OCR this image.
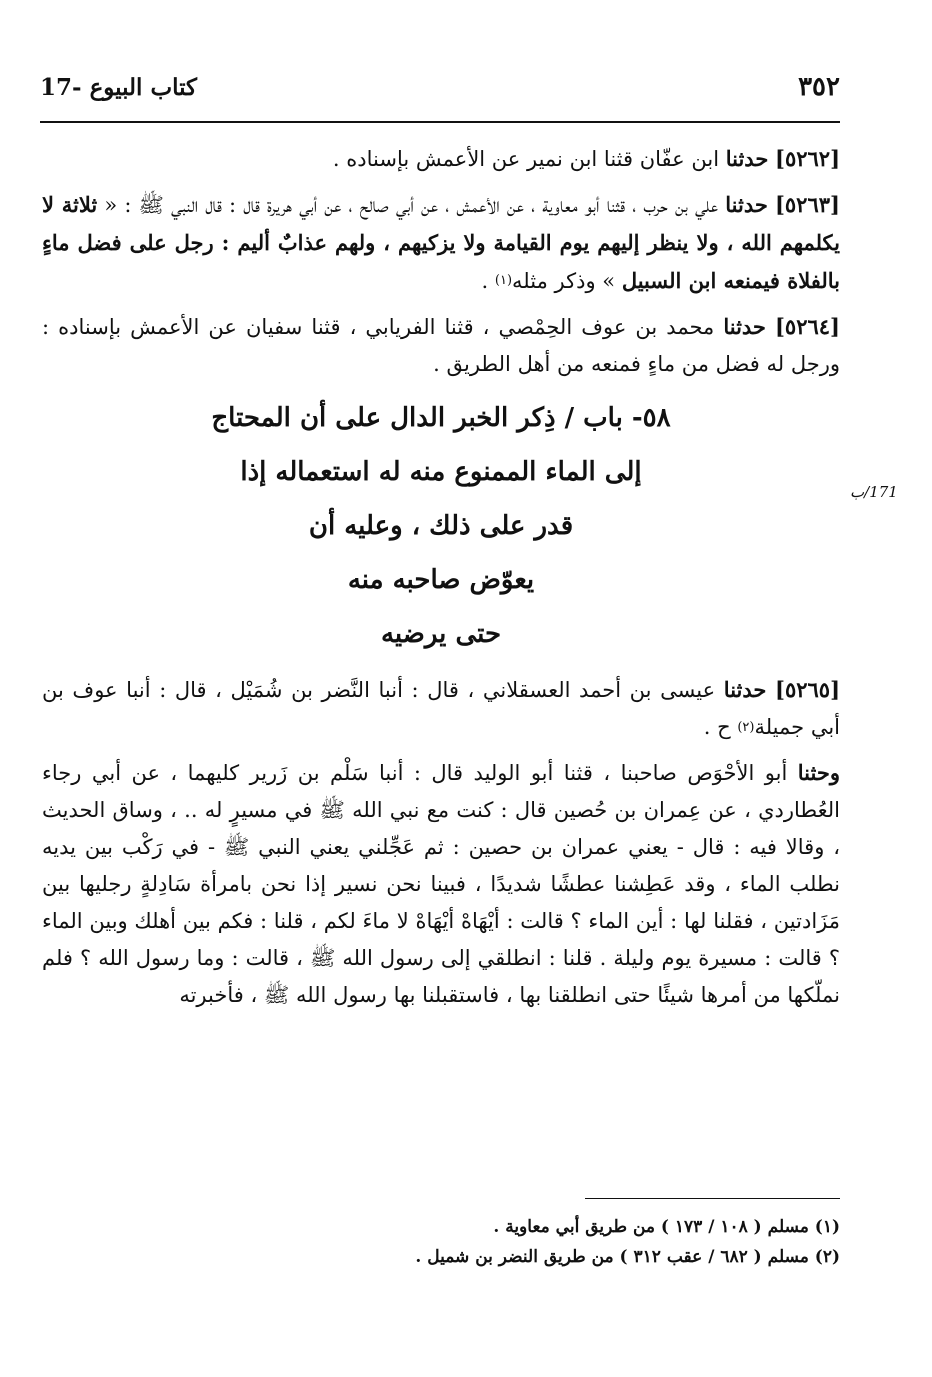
٣٥٢
17- كتاب البيوع
171/ب

[٥٢٦٢] حدثنا ابن عفّان قثنا ابن نمير عن الأعمش بإسناده .

[٥٢٦٣] حدثنا علي بن حرب ، قثنا أبو معاوية ، عن الأعمش ، عن أبي صالح ، عن أبي هريرة قال : قال النبي ﷺ : « ثلاثة لا يكلمهم الله ، ولا ينظر إليهم يوم القيامة ولا يزكيهم ، ولهم عذابٌ أليم : رجل على فضل ماءٍ بالفلاة فيمنعه ابن السبيل » وذكر مثله$^{(١)}$ .

[٥٢٦٤] حدثنا محمد بن عوف الحِمْصي ، قثنا الفريابي ، قثنا سفيان عن الأعمش بإسناده : ورجل له فضل من ماءٍ فمنعه من أهل الطريق .

٥٨- باب / ذِكر الخبر الدال على أن المحتاج
إلى الماء الممنوع منه له استعماله إذا
قدر على ذلك ، وعليه أن
يعوّض صاحبه منه
حتى يرضيه

[٥٢٦٥] حدثنا عيسى بن أحمد العسقلاني ، قال : أنبا النَّضر بن شُمَيْل ، قال : أنبا عوف بن أبي جميلة$^{(٢)}$ ح .

وحثنا أبو الأحْوَص صاحبنا ، قثنا أبو الوليد قال : أنبا سَلْم بن زَرير كليهما ، عن أبي رجاء العُطاردي ، عن عِمران بن حُصين قال : كنت مع نبي الله ﷺ في مسيرٍ له .. ، وساق الحديث ، وقالا فيه : قال - يعني عمران بن حصين : ثم عَجِّلني يعني النبي ﷺ - في رَكْب بين يديه نطلب الماء ، وقد عَطِشنا عطشًا شديدًا ، فبينا نحن نسير إذا نحن بامرأة سَادِلةٍ رجليها بين مَزَادتين ، فقلنا لها : أين الماء ؟ قالت : أيْهَاهْ أيْهَاهْ لا ماءَ لكم ، قلنا : فكم بين أهلك وبين الماء ؟ قالت : مسيرة يوم وليلة . قلنا : انطلقي إلى رسول الله ﷺ ، قالت : وما رسول الله ؟ فلم نملّكها من أمرها شيئًا حتى انطلقنا بها ، فاستقبلنا بها رسول الله ﷺ ، فأخبرته

(١) مسلم ( ١٠٨ / ١٧٣ ) من طريق أبي معاوية .
(٢) مسلم ( ٦٨٢ / عقب ٣١٢ ) من طريق النضر بن شميل .
